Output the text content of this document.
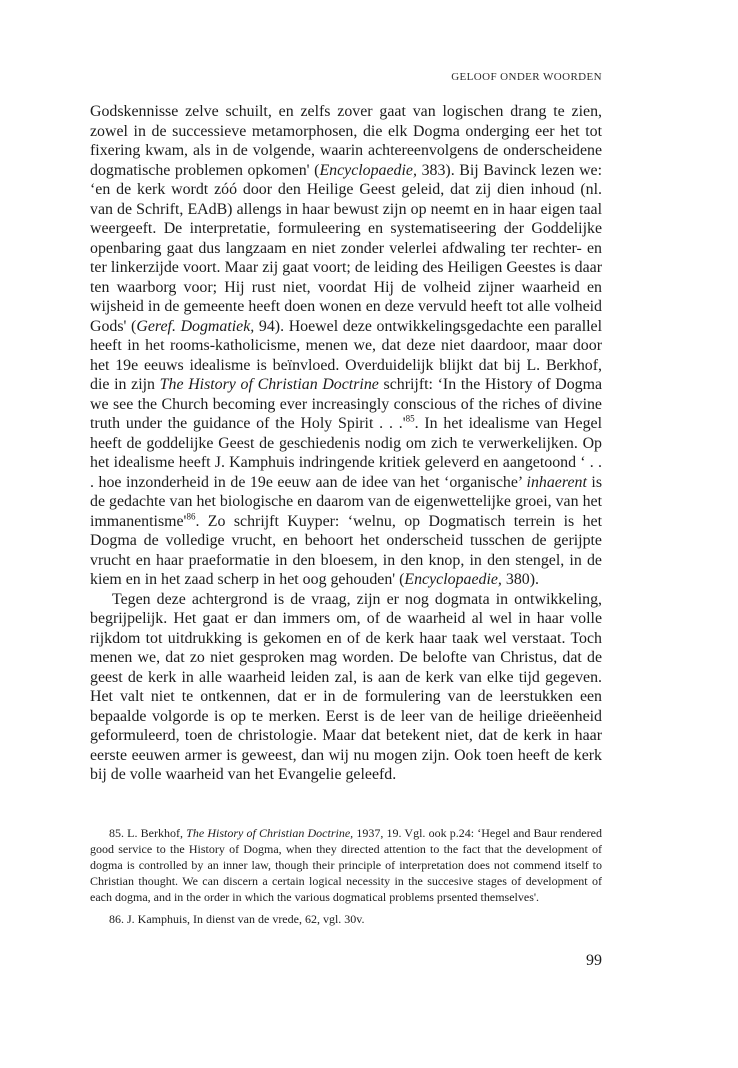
GELOOF ONDER WOORDEN

Godskennisse zelve schuilt, en zelfs zover gaat van logischen drang te zien, zowel in de successieve metamorphosen, die elk Dogma onderging eer het tot fixering kwam, als in de volgende, waarin achtereenvolgens de onderscheidene dogmatische problemen opkomen' (Encyclopaedie, 383). Bij Bavinck lezen we: ‘en de kerk wordt zóó door den Heilige Geest geleid, dat zij dien inhoud (nl. van de Schrift, EAdB) allengs in haar bewust zijn op neemt en in haar eigen taal weergeeft. De interpretatie, formuleering en systematiseering der Goddelijke openbaring gaat dus langzaam en niet zonder velerlei afdwaling ter rechter- en ter linkerzijde voort. Maar zij gaat voort; de leiding des Heiligen Geestes is daar ten waarborg voor; Hij rust niet, voordat Hij de volheid zijner waarheid en wijsheid in de gemeente heeft doen wonen en deze vervuld heeft tot alle volheid Gods' (Geref. Dogmatiek, 94). Hoewel deze ontwikkelingsgedachte een parallel heeft in het rooms-katholicisme, menen we, dat deze niet daardoor, maar door het 19e eeuws idealisme is beïnvloed. Overduidelijk blijkt dat bij L. Berkhof, die in zijn The History of Christian Doctrine schrijft: ‘In the History of Dogma we see the Church becoming ever increasingly conscious of the riches of divine truth under the guidance of the Holy Spirit . . $.'^{85}$. In het idealisme van Hegel heeft de goddelijke Geest de geschiedenis nodig om zich te verwerkelijken. Op het idealisme heeft J. Kamphuis indringende kritiek geleverd en aangetoond ‘ . . . hoe inzonderheid in de 19e eeuw aan de idee van het ‘organische’ inhaerent is de gedachte van het biologische en daarom van de eigenwettelijke groei, van het $immanentisme'^{86}$. Zo schrijft Kuyper: ‘welnu, op Dogmatisch terrein is het Dogma de volledige vrucht, en behoort het onderscheid tusschen de gerijpte vrucht en haar praeformatie in den bloesem, in den knop, in den stengel, in de kiem en in het zaad scherp in het oog gehouden' (Encyclopaedie, 380).

Tegen deze achtergrond is de vraag, zijn er nog dogmata in ontwikkeling, begrijpelijk. Het gaat er dan immers om, of de waarheid al wel in haar volle rijkdom tot uitdrukking is gekomen en of de kerk haar taak wel verstaat. Toch menen we, dat zo niet gesproken mag worden. De belofte van Christus, dat de geest de kerk in alle waarheid leiden zal, is aan de kerk van elke tijd gegeven. Het valt niet te ontkennen, dat er in de formulering van de leerstukken een bepaalde volgorde is op te merken. Eerst is de leer van de heilige drieëenheid geformuleerd, toen de christologie. Maar dat betekent niet, dat de kerk in haar eerste eeuwen armer is geweest, dan wij nu mogen zijn. Ook toen heeft de kerk bij de volle waarheid van het Evangelie geleefd.

85. L. Berkhof, The History of Christian Doctrine, 1937, 19. Vgl. ook p.24: ‘Hegel and Baur rendered good service to the History of Dogma, when they directed attention to the fact that the development of dogma is controlled by an inner law, though their principle of interpretation does not commend itself to Christian thought. We can discern a certain logical necessity in the succesive stages of development of each dogma, and in the order in which the various dogmatical problems prsented themselves'.

86. J. Kamphuis, In dienst van de vrede, 62, vgl. 30v.

99
